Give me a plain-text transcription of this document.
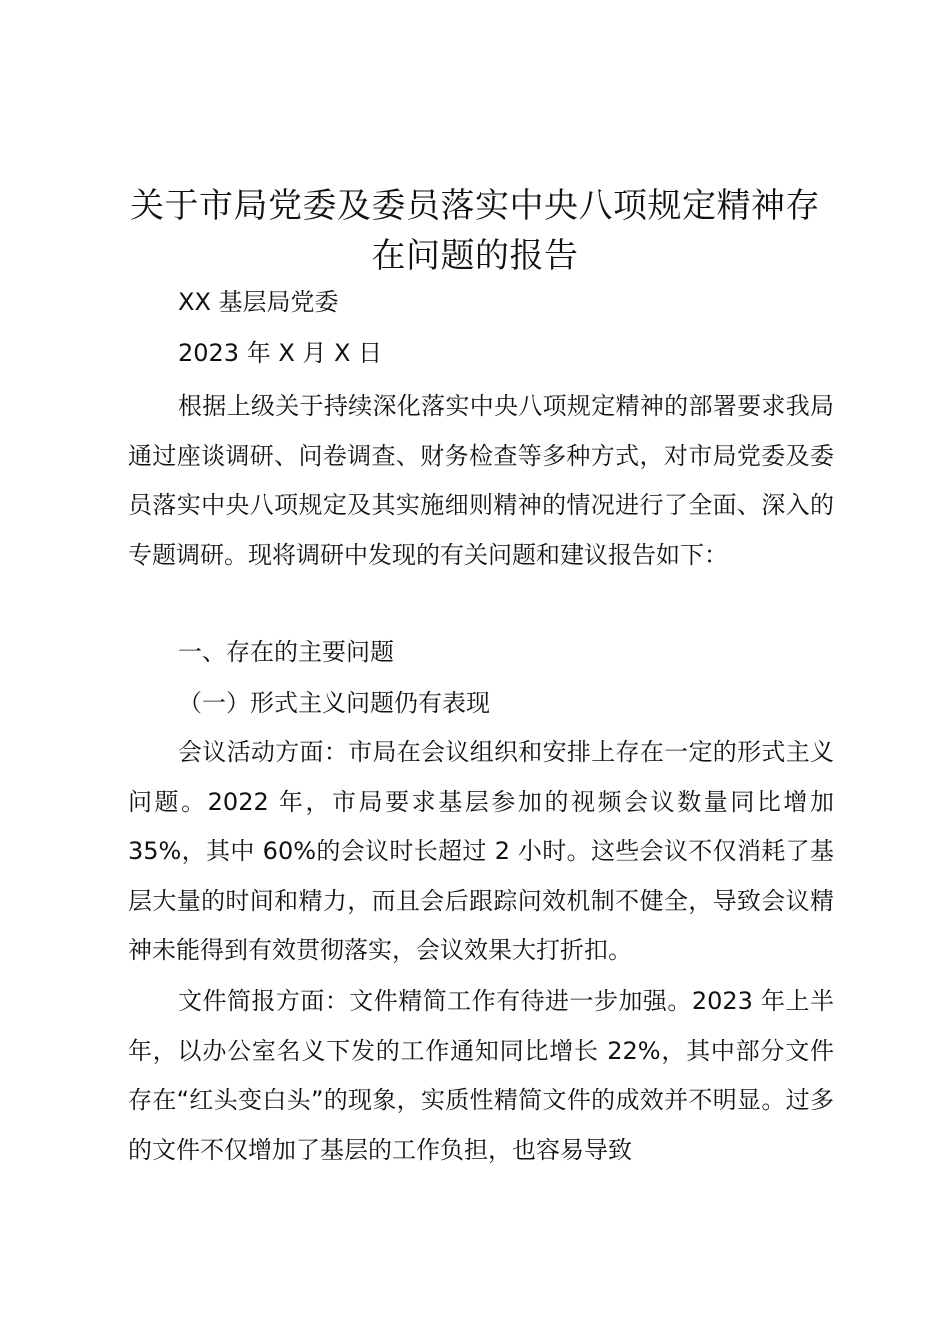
关于市局党委及委员落实中央八项规定精神存
在问题的报告
XX 基层局党委
2023 年 X 月 X 日

根据上级关于持续深化落实中央八项规定精神的部署要求我局通过座谈调研、问卷调查、财务检查等多种方式，对市局党委及委员落实中央八项规定及其实施细则精神的情况进行了全面、深入的专题调研。现将调研中发现的有关问题和建议报告如下：

一、存在的主要问题
（一）形式主义问题仍有表现

会议活动方面：市局在会议组织和安排上存在一定的形式主义问题。2022 年，市局要求基层参加的视频会议数量同比增加 35%，其中 60%的会议时长超过 2 小时。这些会议不仅消耗了基层大量的时间和精力，而且会后跟踪问效机制不健全，导致会议精神未能得到有效贯彻落实，会议效果大打折扣。

文件简报方面：文件精简工作有待进一步加强。2023 年上半年，以办公室名义下发的工作通知同比增长 22%，其中部分文件存在“红头变白头”的现象，实质性精简文件的成效并不明显。过多的文件不仅增加了基层的工作负担，也容易导致
